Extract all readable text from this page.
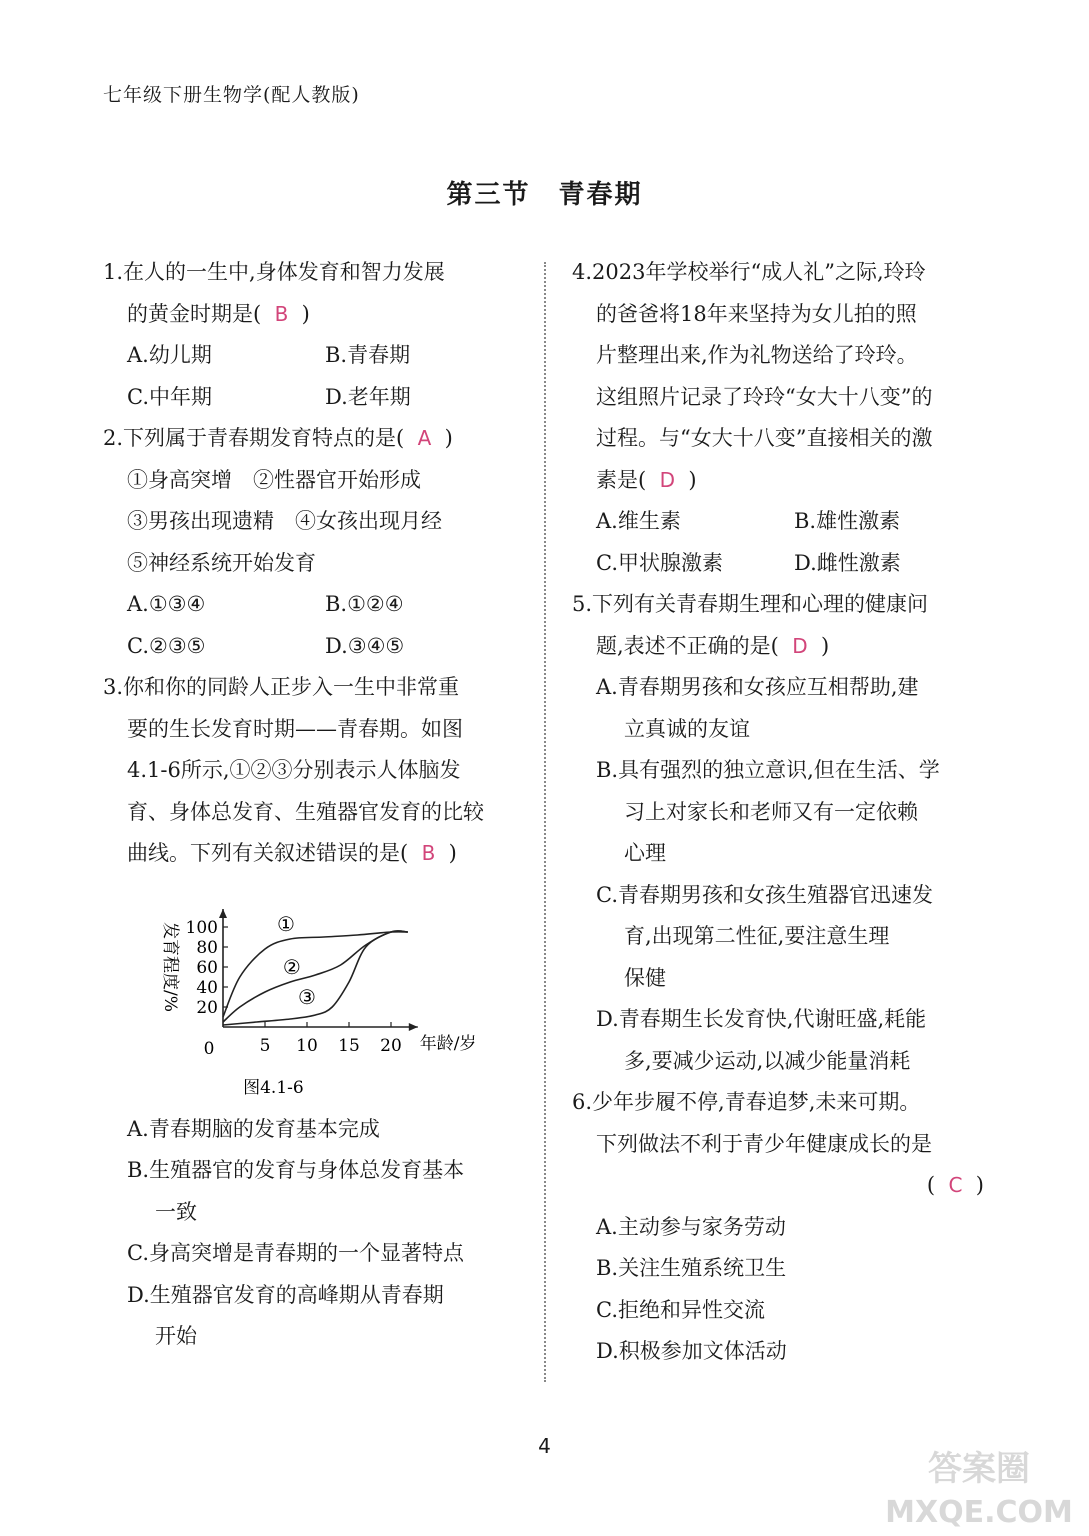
七年级下册生物学(配人教版)
第三节 青春期
1.在人的一生中,身体发育和智力发展
的黄金时期是( B )
A.幼儿期	B.青春期
C.中年期	D.老年期
2.下列属于青春期发育特点的是( A )
①身高突增　②性器官开始形成
③男孩出现遗精　④女孩出现月经
⑤神经系统开始发育
A.①③④	B.①②④
C.②③⑤	D.③④⑤
3.你和你的同龄人正步入一生中非常重
要的生长发育时期——青春期。如图
4.1-6所示,①②③分别表示人体脑发
育、身体总发育、生殖器官发育的比较
曲线。下列有关叙述错误的是( B )
20
40
60
80
100
5 10 15 20
0	年龄/岁
发育程度/%	①
②
③
图4.1-6
A.青春期脑的发育基本完成
B.生殖器官的发育与身体总发育基本
一致
C.身高突增是青春期的一个显著特点
D.生殖器官发育的高峰期从青春期
开始
4.2023年学校举行“成人礼”之际,玲玲
的爸爸将18年来坚持为女儿拍的照
片整理出来,作为礼物送给了玲玲。
这组照片记录了玲玲“女大十八变”的
过程。与“女大十八变”直接相关的激
素是( D )
A.维生素	B.雄性激素
C.甲状腺激素	D.雌性激素
5.下列有关青春期生理和心理的健康问
题,表述不正确的是( D )
A.青春期男孩和女孩应互相帮助,建
立真诚的友谊
B.具有强烈的独立意识,但在生活、学
习上对家长和老师又有一定依赖
心理
C.青春期男孩和女孩生殖器官迅速发
育,出现第二性征,要注意生理
保健
D.青春期生长发育快,代谢旺盛,耗能
多,要减少运动,以减少能量消耗
6.少年步履不停,青春追梦,未来可期。
下列做法不利于青少年健康成长的是
( C )
A.主动参与家务劳动
B.关注生殖系统卫生
C.拒绝和异性交流
D.积极参加文体活动
4
答案圈
MXQE.COM
